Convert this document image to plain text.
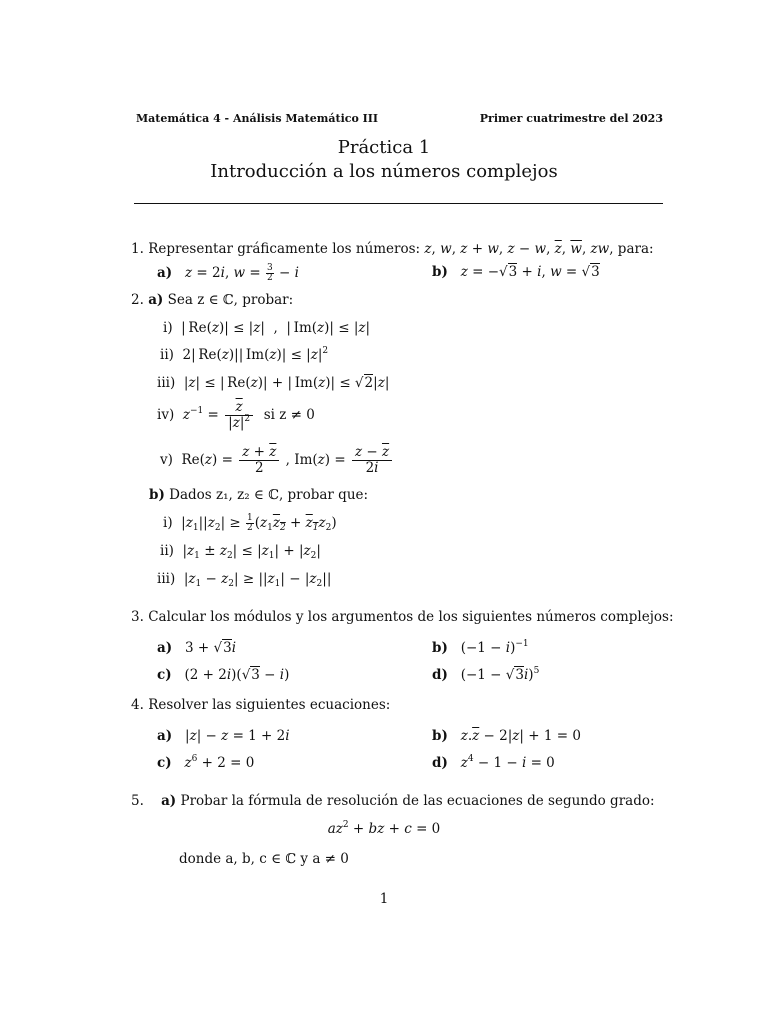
Matemática 4 - Análisis Matemático III	Primer cuatrimestre del 2023
Práctica 1
Introducción a los números complejos
1. Representar gráficamente los números: z, w, z + w, z − w, $\overline{z}$, $\overline{w}$, zw, para:
a) z = 2i, $w = \frac{3}{2} - i$	b) z = −√3 + i, w = √3
2. a) Sea z ∈ ℂ, probar:
i)  | Re(z)| ≤ |z|  ,  | Im(z)| ≤ |z|
ii)  2| Re(z)|| $Im(z)| \le |z|^2$
iii)  |z| ≤ | Re(z)| + | Im(z)| ≤ √2|z|
iv) $z^{-1} = \frac{\overline{z}}{|z|^2}$ si z ≠ 0
v)  $Re(z) = \frac{z + \overline{z}}{2}$ , $Im(z) = \frac{z - \overline{z}}{2i}$
b) Dados z₁, z₂ ∈ ℂ, probar que:
i)  $|z_1||z_2| \ge \frac{1}{2} (z_1z_2 + z_1z_2)$
ii)  $|z_1 \pm z_2| \le |z_1| + |z_2|$
iii)  $|z_1 - z_2| \ge ||z_1| - |z_2||$
3. Calcular los módulos y los argumentos de los siguientes números complejos:
a)   3 + √3i	b)   $(-1 - i)^{-1}$
c)   (2 + 2i)(√3 − i)	d)   $(-1 - √3i)^5$
4. Resolver las siguientes ecuaciones:
a)   |z| − z = 1 + 2i	b) $z.\overline{z} - 2|z| + 1 = 0$
c) $z^6 + 2 = 0$	d) $z^4 - 1 - i = 0$
5. a) Probar la fórmula de resolución de las ecuaciones de segundo grado:
$az^2$ + bz + c = 0
donde a, b, c ∈ ℂ y a ≠ 0
1
